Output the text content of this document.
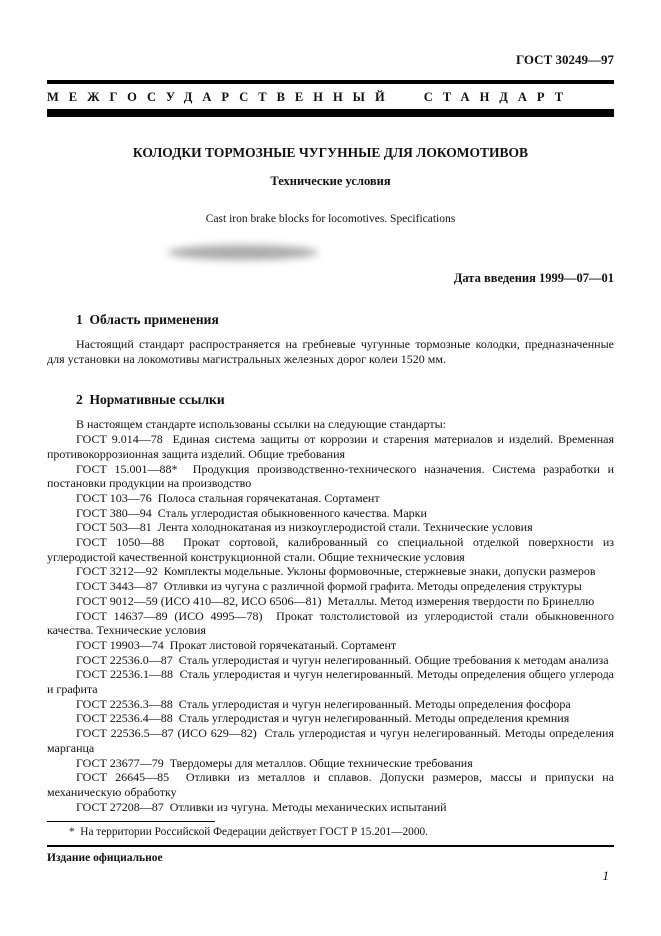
ГОСТ 30249—97
МЕЖГОСУДАРСТВЕННЫЙ СТАНДАРТ
КОЛОДКИ ТОРМОЗНЫЕ ЧУГУННЫЕ ДЛЯ ЛОКОМОТИВОВ
Технические условия
Cast iron brake blocks for locomotives. Specifications
Дата введения 1999—07—01
1  Область применения

Настоящий стандарт распространяется на гребневые чугунные тормозные колодки, предназначенные для установки на локомотивы магистральных железных дорог колеи 1520 мм.

2  Нормативные ссылки

В настоящем стандарте использованы ссылки на следующие стандарты:

ГОСТ 9.014—78  Единая система защиты от коррозии и старения материалов и изделий. Временная противокоррозионная защита изделий. Общие требования

ГОСТ 15.001—88*  Продукция производственно-технического назначения. Система разработки и постановки продукции на производство

ГОСТ 103—76  Полоса стальная горячекатаная. Сортамент

ГОСТ 380—94  Сталь углеродистая обыкновенного качества. Марки

ГОСТ 503—81  Лента холоднокатаная из низкоуглеродистой стали. Технические условия

ГОСТ 1050—88  Прокат сортовой, калиброванный со специальной отделкой поверхности из углеродистой качественной конструкционной стали. Общие технические условия

ГОСТ 3212—92  Комплекты модельные. Уклоны формовочные, стержневые знаки, допуски размеров

ГОСТ 3443—87  Отливки из чугуна с различной формой графита. Методы определения структуры

ГОСТ 9012—59 (ИСО 410—82, ИСО 6506—81)  Металлы. Метод измерения твердости по Бринеллю

ГОСТ 14637—89 (ИСО 4995—78)  Прокат толстолистовой из углеродистой стали обыкновенного качества. Технические условия

ГОСТ 19903—74  Прокат листовой горячекатаный. Сортамент

ГОСТ 22536.0—87  Сталь углеродистая и чугун нелегированный. Общие требования к методам анализа

ГОСТ 22536.1—88  Сталь углеродистая и чугун нелегированный. Методы определения общего углерода и графита

ГОСТ 22536.3—88  Сталь углеродистая и чугун нелегированный. Методы определения фосфора

ГОСТ 22536.4—88  Сталь углеродистая и чугун нелегированный. Методы определения кремния

ГОСТ 22536.5—87 (ИСО 629—82)  Сталь углеродистая и чугун нелегированный. Методы определения марганца

ГОСТ 23677—79  Твердомеры для металлов. Общие технические требования

ГОСТ 26645—85  Отливки из металлов и сплавов. Допуски размеров, массы и припуски на механическую обработку

ГОСТ 27208—87  Отливки из чугуна. Методы механических испытаний

*  На территории Российской Федерации действует ГОСТ Р 15.201—2000.
Издание официальное
1
